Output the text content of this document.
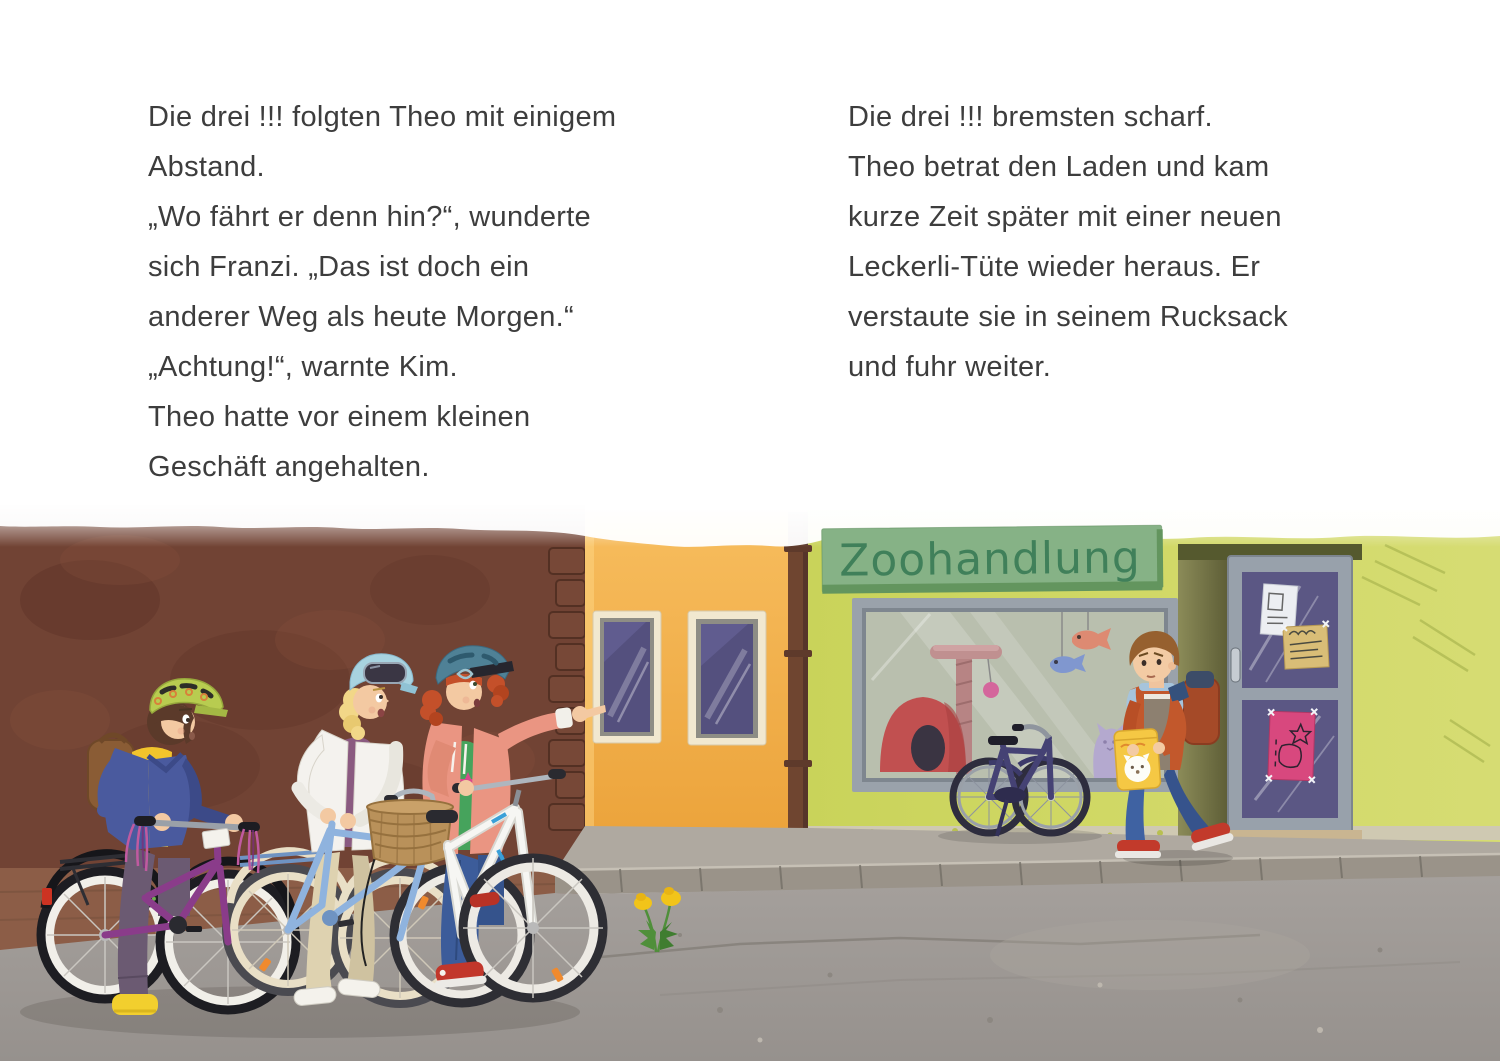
Die drei !!! folgten Theo mit einigem
Abstand.
„Wo fährt er denn hin?“, wunderte
sich Franzi. „Das ist doch ein
anderer Weg als heute Morgen.“
„Achtung!“, warnte Kim.
Theo hatte vor einem kleinen
Geschäft angehalten.
Die drei !!! bremsten scharf.
Theo betrat den Laden und kam
kurze Zeit später mit einer neuen
Leckerli-Tüte wieder heraus. Er
verstaute sie in seinem Rucksack
und fuhr weiter.
Zoohandlung
